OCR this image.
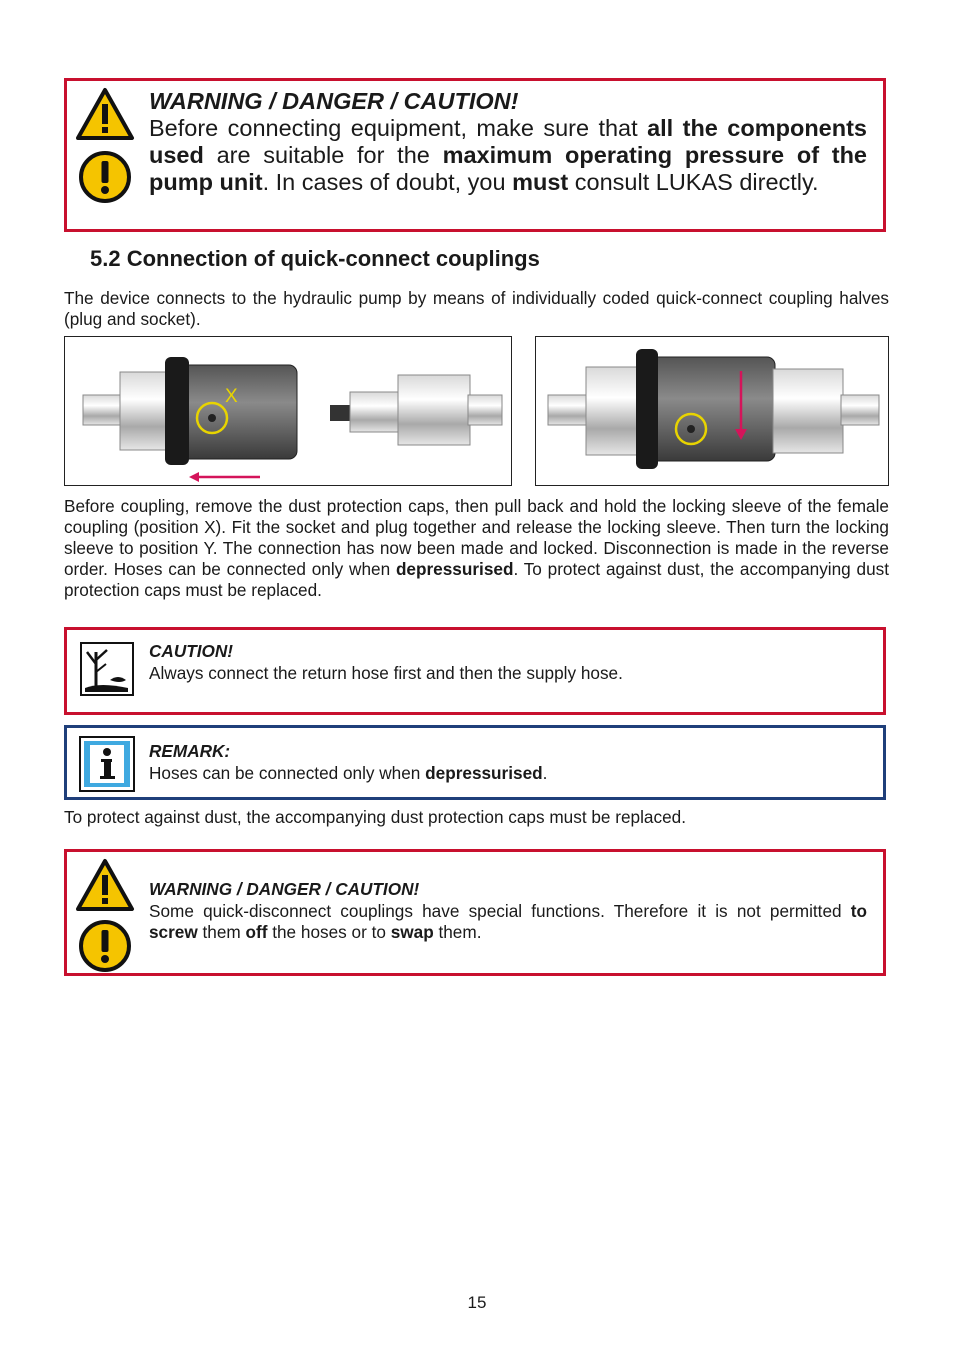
WARNING / DANGER / CAUTION!

Before connecting equipment, make sure that all the components used are suitable for the maximum operating pressure of the pump unit. In cases of doubt, you must consult LUKAS directly.

5.2 Connection of quick-connect couplings

The device connects to the hydraulic pump by means of individually coded quick-connect coupling halves (plug and socket).

X

Before coupling, remove the dust protection caps, then pull back and hold the locking sleeve of the female coupling (position X). Fit the socket and plug together and release the locking sleeve. Then turn the locking sleeve to position Y. The connection has now been made and locked. Disconnection is made in the reverse order. Hoses can be connected only when depressurised. To protect against dust, the accompanying dust protection caps must be replaced.

CAUTION!

Always connect the return hose first and then the supply hose.

REMARK:

Hoses can be connected only when depressurised.

To protect against dust, the accompanying dust protection caps must be replaced.

WARNING / DANGER / CAUTION!

Some quick-disconnect couplings have special functions. Therefore it is not permitted to screw them off the hoses or to swap them.

15
